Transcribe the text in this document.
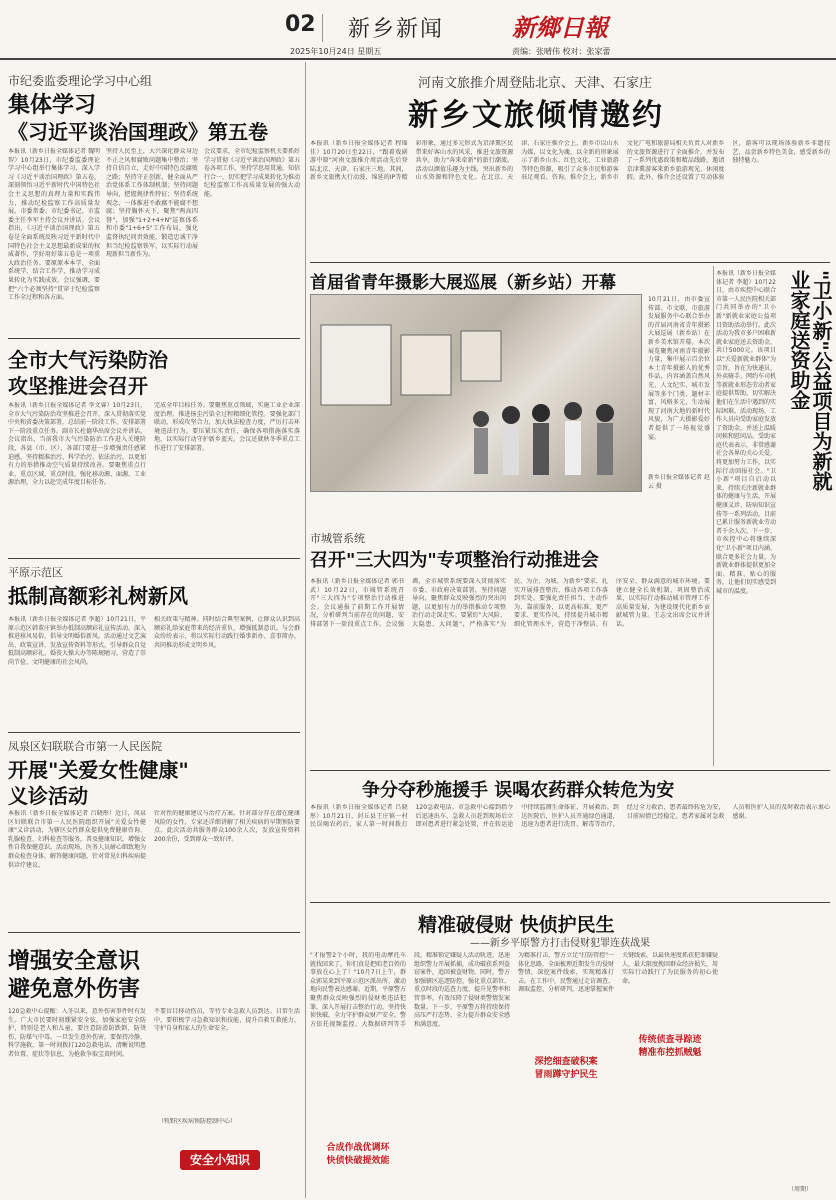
02 新乡新闻	新鄉日報
2025年10月24日 星期五	责编：张晴伟 校对：张家蕾
市纪委监委理论学习中心组
集体学习
《习近平谈治国理政》第五卷
本报讯（新乡日报全媒体记者 魏明智）10月23日，市纪委监委理论学习中心组举行集体学习，深入学习《习近平谈治国理政》第五卷，深刻领悟习近平新时代中国特色社会主义思想的真理力量和实践伟力，推动纪检监察工作高质量发展。市委常委、市纪委书记、市监委主任李军主持会议并讲话。会议指出，《习近平谈治国理政》第五卷是全面系统反映习近平新时代中国特色社会主义思想最新成果的权威著作，学好用好第五卷是一项重大政治任务。要原原本本学、全面系统学、结合工作学，推动学习成果转化为实践成效。会议强调，要把"六个必须坚持"贯穿于纪检监察工作全过程和各方面。
坚持人民至上，大兴深化群众身边不正之风和腐败问题集中整治；坚持自信自立，走好中国特色反腐败之路；坚持守正创新，健全面从严治党体系工作体制机制；坚持问题导向，把握规律性特征；坚持系统观念，一体推进不敢腐不能腐不想腐；坚持胸怀天下，聚焦"两高四督"，加强"1+2+4+N"巡察体系和市委"1+6+5"工作布局，强化监督执纪问责效能，锻造忠诚干净担当纪检监察铁军，以实际行动展现新担当新作为。
会议要求，全市纪检监察机关要抓好学习贯彻《习近平谈治国理政》第五卷各项工作，坚持学思用贯通，知信行合一，切实把学习成果转化为推动纪检监察工作高质量发展的强大动能。
全市大气污染防治
攻坚推进会召开
本报讯（新乡日报全媒体记者 李文睿）10月23日，全市大气污染防治攻坚推进会召开，深入贯彻落实党中央和省委决策部署，总结前一阶段工作，安排部署下一阶段重点任务。副市长杜德华出席会议并讲话。会议指出，当前我市大气污染防治工作进入关键阶段，各县（市、区）、各部门要进一步增强责任感紧迫感，坚持精准治污、科学治污、依法治污，以更加有力的举措推动空气质量持续改善。要聚焦重点行业、重点区域、重点时段，强化移动源、面源、工业源治理，全力以赴完成年度目标任务。
完成全年目标任务。要聚焦重点领域，实施工业企业深度治理，推进扬尘污染全过程精细化管控。要强化部门联动，形成攻坚合力，加大执法检查力度，严厉打击环境违法行为。要压紧压实责任，确保各项措施落实落地，以实际行动守护新乡蓝天。会议还就秋冬季重点工作进行了安排部署。
平原示范区
抵制高额彩礼树新风
本报讯（新乡日报全媒体记者 李超）10月21日，平原示范区韩董庄镇举办抵制高额彩礼宣传活动，深入推进移风易俗，倡导文明婚俗新风。活动通过文艺演出、政策宣讲、发放宣传资料等形式，引导群众自觉抵制高额彩礼、婚丧大操大办等陈规陋习，营造了崇尚节俭、文明健康的社会风尚。
相关政策与精神。同时结合典型案例，让群众认识到高额彩礼给家庭带来的经济重负，增强抵制意识。与会群众纷纷表示，将以实际行动践行婚事新办、喜事简办，共同推动形成文明乡风。
凤泉区妇联联合市第一人民医院
开展"关爱女性健康"
义诊活动
本报讯（新乡日报全媒体记者 吕晓彤）近日，凤泉区妇联联合市第一人民医院组织开展"关爱女性健康"义诊活动，为辖区女性群众提供免费健康咨询、乳腺检查、妇科检查等服务，普及健康知识，增强女性自我保健意识。活动现场，医务人员耐心细致地为群众检查身体，解答健康问题，针对常见妇科疾病提供诊疗建议。
针对性的健康建议与治疗方案。针对部分存在潜在健康风险的女性，专家还详细讲解了相关疾病的早期预防要点。此次活动共服务群众100余人次，发放宣传资料200余份，受到群众一致好评。
增强安全意识
避免意外伤害
120急救中心提醒：入冬以来，意外伤害事件时有发生。广大市民要时刻绷紧安全弦，加强家庭安全防护，特别是老人和儿童，要注意防滑防跌倒、防烫伤、防煤气中毒。一旦发生意外伤害，要保持冷静，科学施救，第一时间拨打120急救电话，清晰说明患者位置、症状等信息，为抢救争取宝贵时间。
不要盲目移动伤员，等待专业急救人员到达。日常生活中，要积极学习急救知识和技能，提升自救互救能力，守护自身和家人的生命安全。
（牧野区疾病预防控制中心）
安全小知识
河南文旅推介周登陆北京、天津、石家庄
新乡文旅倾情邀约
本报讯（新乡日报全媒体记者 程瑶佳）10月20日至22日，"跟着戏剧游中原"河南文旅推介周活动先后登陆北京、天津、石家庄三地。其间，新乡文旅携大行动漫、绵延的IP等精彩形象，通过多元形式为京津冀区民带来好客山水的风采，推进文旅资源共享，助力"奔来牵新"的旅行潮流。活动以颜值乐趣为主线，突出新乡的山水资源和特色文化。在北京、天津、石家庄推介会上，新乡市以山水为媒，以文化为魂，以全新的形象展示了新乡山水、红色文化、工业旅游等特色资源，吸引了众多市民和游客驻足观看、咨询。推介会上，新乡市文化广电和旅游局相关负责人对新乡的文旅资源进行了全面推介，并发布了一系列优惠政策和精品线路，邀请京津冀游客来新乡旅游观光、休闲度假。此外，推介会还设置了互动体验区，游客可以现场体验新乡非遗技艺，品尝新乡特色美食，感受新乡的独特魅力。
首届省青年摄影大展巡展（新乡站）开幕
10月21日，由市委宣传部、市文联、市旅游发展服务中心联合举办的首届河南省青年摄影大展巡展（新乡站）在新乡美术馆开幕。本次展览聚焦河南青年摄影力量，集中展示百余位本土青年摄影人的优秀作品，内容涵盖自然风光、人文纪实、城市发展等多个门类，题材丰富，风格多元，生动展现了河南大地的新时代风貌，为广大摄影爱好者提供了一场视觉盛宴。
新乡日报全媒体记者 赵云 摄	"卫小新"公益项目为新就业家庭送资助金
本报讯（新乡日报全媒体记者 李超）10月22日，由市疾控中心联合市第一人民医院相关部门共同举办的"卫小新"新就业家庭公益项目资助活动举行。此次活动为我市多户困难新就业家庭送去资助金，共计5000元。该项目以"关爱新就业群体"为宗旨，旨在为快递员、外卖骑手、网约车司机等新就业形态劳动者家庭提供帮助，切实解决他们在生活中遇到的实际困难。活动现场，工作人员向受助家庭发放了资助金，并送上温暖问候和慰问品。受助家庭代表表示，非常感谢社会各界的关心关爱，将更加努力工作，以实际行动回报社会。"卫小新"项目自启动以来，持续关注新就业群体的健康与生活，开展健康义诊、防病知识宣传等一系列活动，目前已累计服务新就业劳动者千余人次。下一步，市疾控中心将继续深化"卫小新"项目内涵，联合更多社会力量，为新就业群体提供更加全面、精准、贴心的服务，让他们切实感受到城市的温度。
市城管系统
召开"三大四为"专项整治行动推进会
本报讯（新乡日报全媒体记者 郭书武）10月22日，市城管系统召开"三大四为"专项整治行动推进会。会议通报了前期工作开展情况，分析研判当前存在的问题，安排部署下一阶段重点工作。会议强调，全市城管系统要深入贯彻落实市委、市政府决策部署，坚持问题导向，聚焦群众反映强烈的突出问题，以更加有力的举措推动专项整治行动走深走实。要紧盯"大风险、大隐患、大问题"，严格落实"为民、为企、为城、为新乡"要求，扎实开展排查整治，推动各项工作落到实处。要强化责任担当，主动作为、靠前服务，以更高标准、更严要求、更实作风，持续提升城市精细化管理水平，营造干净整洁、有序安全、群众满意的城市环境。要建立健全长效机制，巩固整治成果，以实际行动推动城市管理工作高质量发展，为建设现代化新乡贡献城管力量。王志文出席会议并讲话。
争分夺秒施援手 误喝农药群众转危为安
本报讯（新乡日报全媒体记者 吕晓彤）10月21日，封丘县王庄镇一村民误喝农药后，家人第一时间拨打120急救电话。市急救中心接到指令后迅速出车，急救人员赶到现场后立即对患者进行紧急处置，并在转运途中持续监测生命体征、开展救治。到达医院后，医护人员开通绿色通道，迅速为患者进行洗胃、解毒等治疗，经过全力救治，患者最终转危为安，目前病情已经稳定。患者家属对急救人员和医护人员的及时救治表示衷心感谢。
精准破侵财 快侦护民生
——新乡平原警方打击侵财犯罪连获战果
"才报警2个小时，我的电动摩托车就找回来了，你们真是把咱老百姓的事放在心上了！"10月7日上午，群众郭某来到平原示范区派出所，激动地向民警表达感谢。近期，平原警方聚焦群众反映强烈的侵财类违法犯罪，深入开展打击整治行动，坚持快侦快破，全力守护群众财产安全。警方依托视频监控、大数据研判等手段，精准锁定嫌疑人活动轨迹，迅速组织警力开展抓捕，成功破获系列盗窃案件，追回被盗财物。同时，警方加强辖区巡逻防控，强化重点部位、重点时段的巡查力度，提升见警率和管事率，有效压降了侵财类警情发案数量。下一步，平原警方将持续保持高压严打态势，全力提升群众安全感和满意度。
合成作战优调环
快侦快破提效能
为精准打击，警方立足"打防管控"一体化思路，全面梳理近期发生的侵财警情，深挖案件线索，实现精准打击。在工作中，民警通过走访调查、调取监控、分析研判，迅速掌握案件关键线索，以最快速度抓获犯罪嫌疑人，最大限度挽回群众经济损失，用实际行动践行了为民服务的初心使命。
深挖细查破积案
冒雨蹲守护民生
传统侦查寻踪迹
精准布控抓贼魁
（周期）
